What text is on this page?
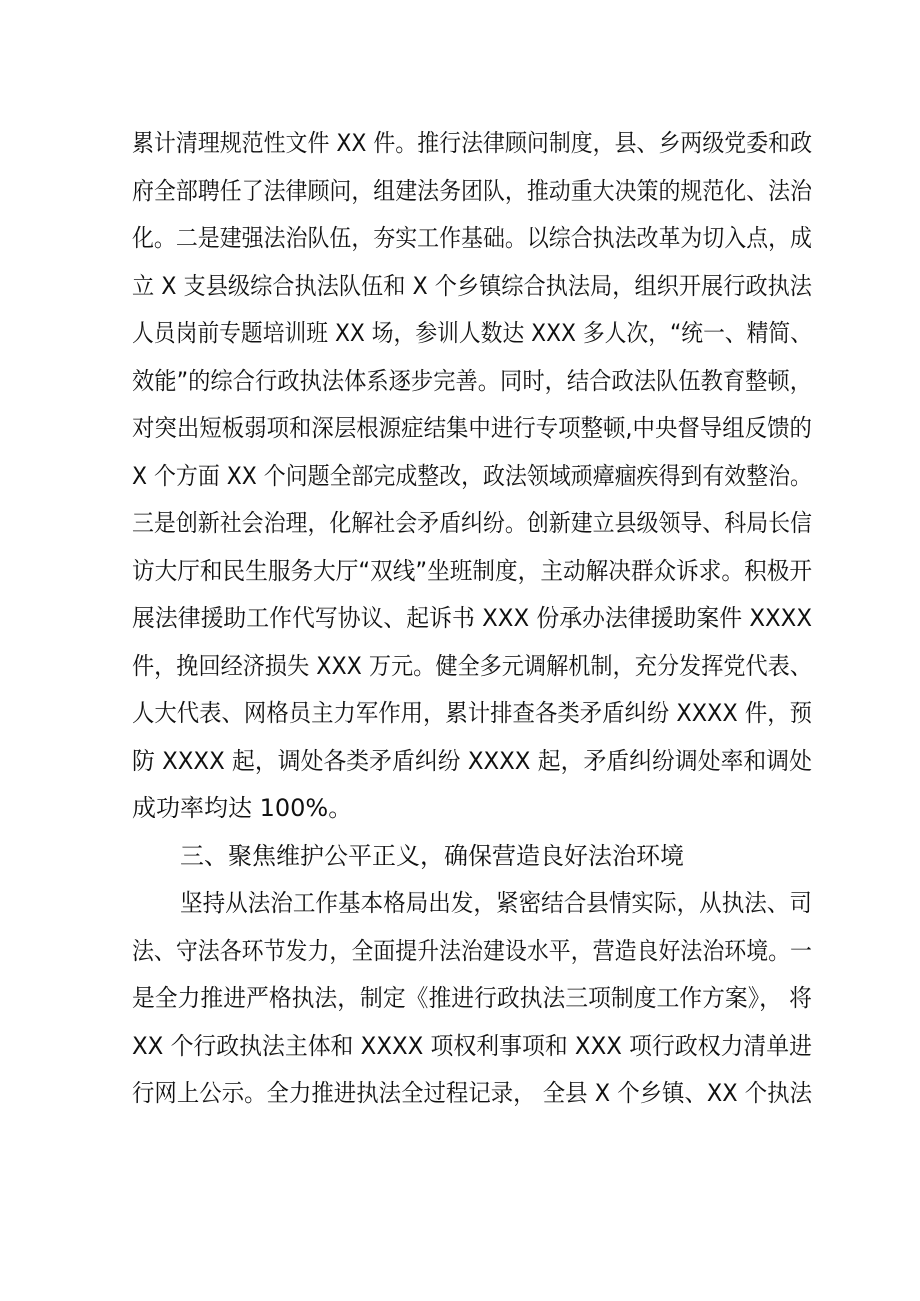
累计清理规范性文件 XX 件。推行法律顾问制度，县、乡两级党委和政
府全部聘任了法律顾问，组建法务团队，推动重大决策的规范化、法治
化。二是建强法治队伍，夯实工作基础。以综合执法改革为切入点，成
立 X 支县级综合执法队伍和 X 个乡镇综合执法局，组织开展行政执法
人员岗前专题培训班 XX 场，参训人数达 XXX 多人次，“统一、精简、
效能”的综合行政执法体系逐步完善。同时，结合政法队伍教育整顿，
对突出短板弱项和深层根源症结集中进行专项整顿,中央督导组反馈的
X 个方面 XX 个问题全部完成整改，政法领域顽瘴痼疾得到有效整治。
三是创新社会治理，化解社会矛盾纠纷。创新建立县级领导、科局长信
访大厅和民生服务大厅“双线”坐班制度，主动解决群众诉求。积极开
展法律援助工作代写协议、起诉书 XXX 份承办法律援助案件 XXXX
件，挽回经济损失 XXX 万元。健全多元调解机制，充分发挥党代表、
人大代表、网格员主力军作用，累计排查各类矛盾纠纷 XXXX 件，预
防 XXXX 起，调处各类矛盾纠纷 XXXX 起，矛盾纠纷调处率和调处
成功率均达 100%。
三、聚焦维护公平正义，确保营造良好法治环境
坚持从法治工作基本格局出发，紧密结合县情实际，从执法、司
法、守法各环节发力，全面提升法治建设水平，营造良好法治环境。一
是全力推进严格执法，制定《推进行政执法三项制度工作方案》， 将
XX 个行政执法主体和 XXXX 项权利事项和 XXX 项行政权力清单进
行网上公示。全力推进执法全过程记录， 全县 X 个乡镇、XX 个执法
